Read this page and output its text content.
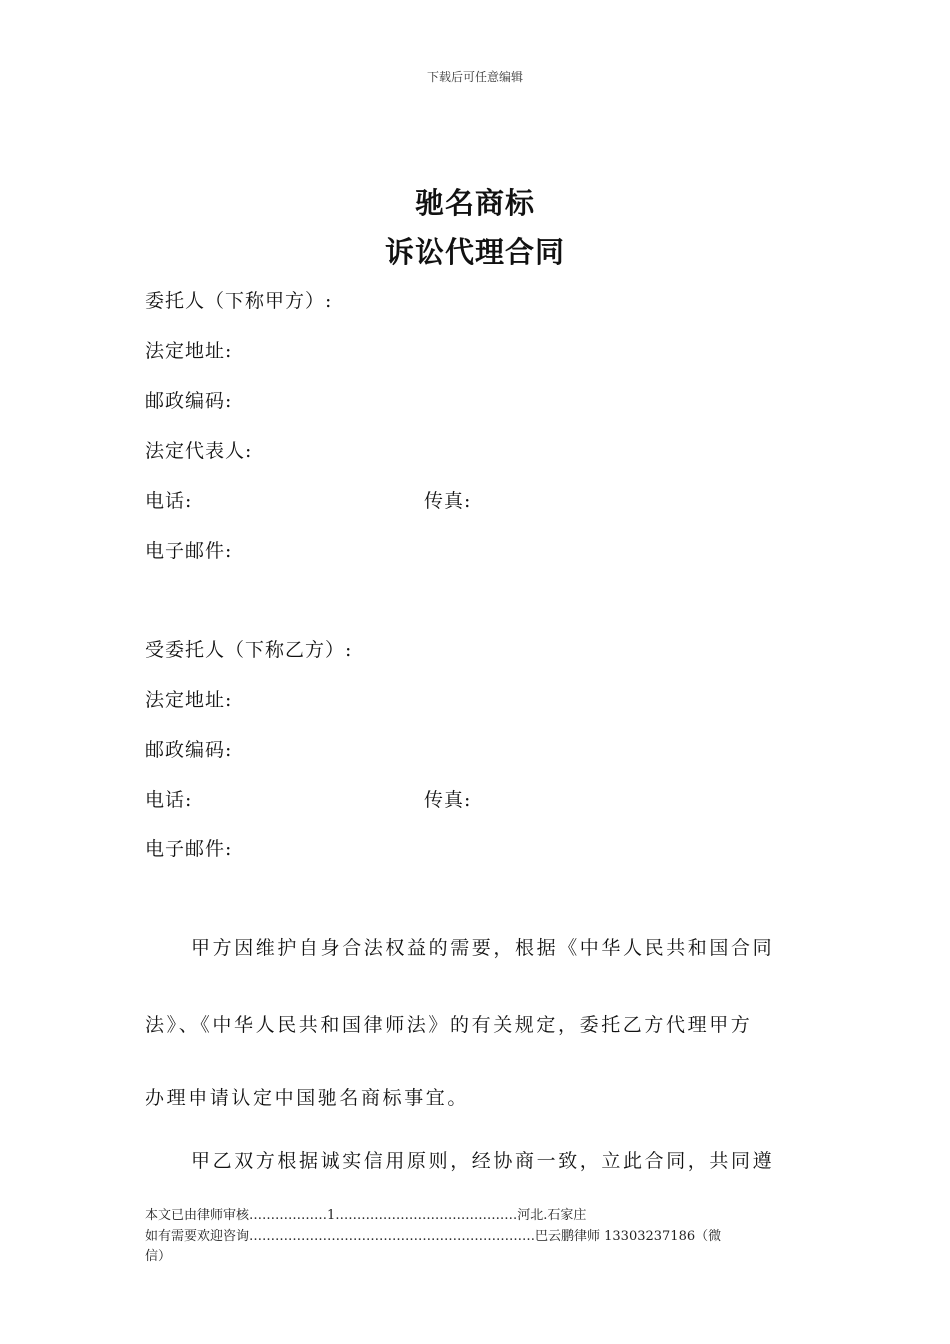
下载后可任意编辑
驰名商标
诉讼代理合同
委托人（下称甲方）:
法定地址:
邮政编码:
法定代表人:
电话:	传真:
电子邮件:
受委托人（下称乙方）:
法定地址:
邮政编码:
电话:	传真:
电子邮件:
甲方因维护自身合法权益的需要，根据《中华人民共和国合同
法》、《中华人民共和国律师法》的有关规定，委托乙方代理甲方
办理申请认定中国驰名商标事宜。
甲乙双方根据诚实信用原则，经协商一致，立此合同，共同遵
本文已由律师审核………………1……………………………………河北.石家庄
如有需要欢迎咨询…………………………………………………………巴云鹏律师 13303237186（微
信）
